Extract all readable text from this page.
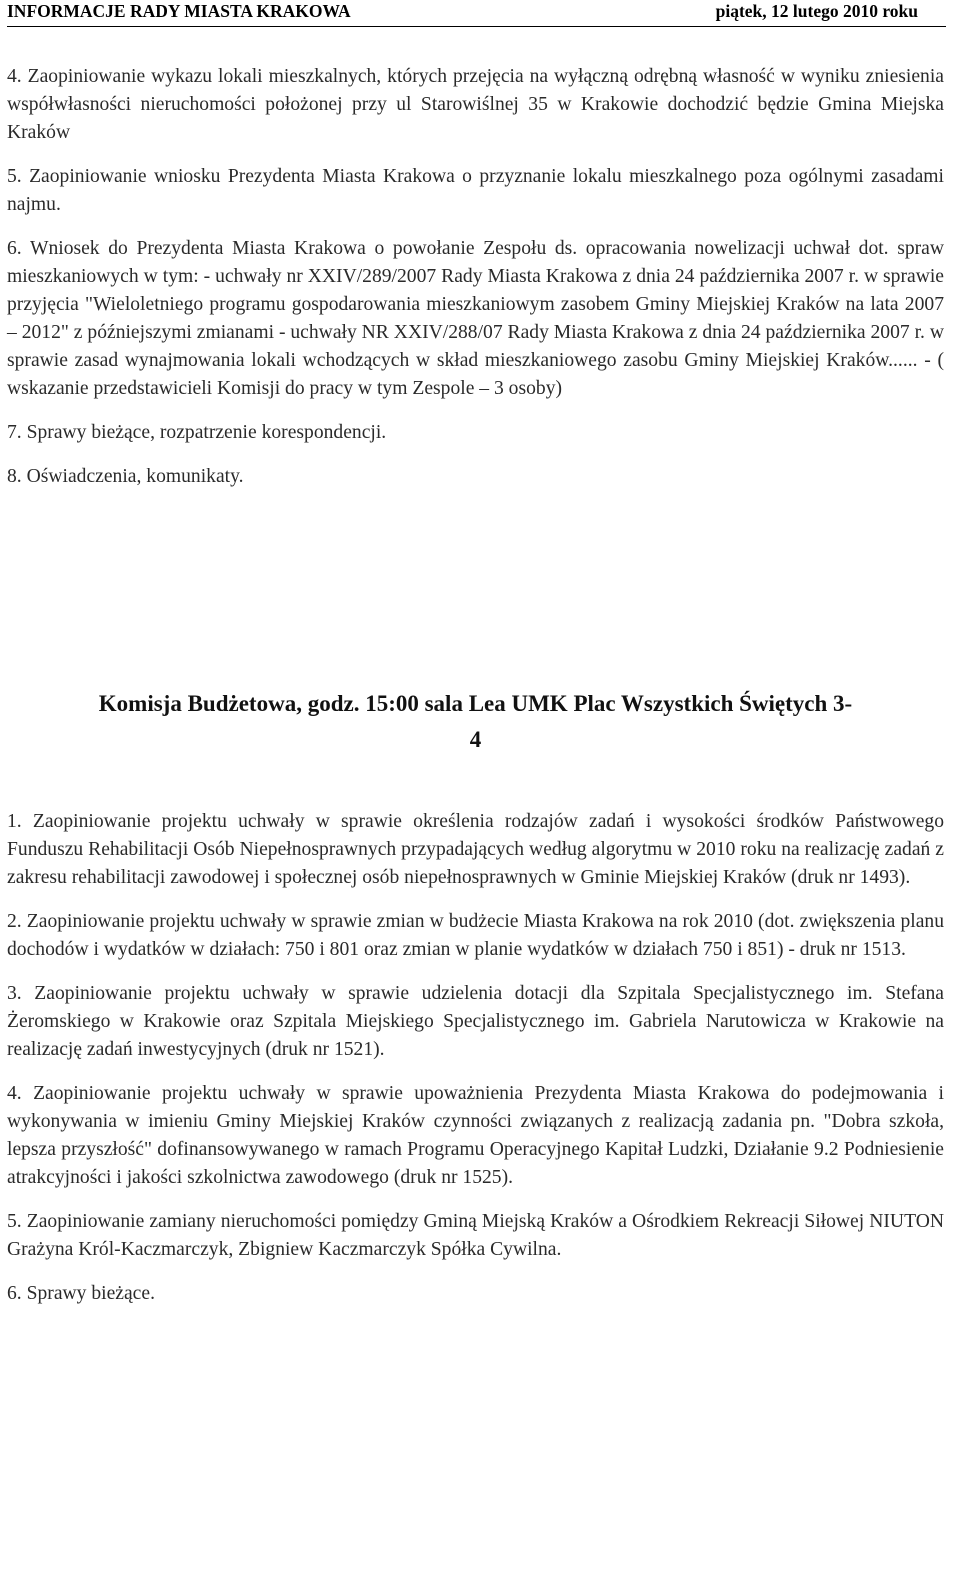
INFORMACJE RADY MIASTA KRAKOWA	piątek, 12 lutego 2010 roku

4. Zaopiniowanie wykazu lokali mieszkalnych, których przejęcia na wyłączną odrębną własność w wyniku zniesienia współwłasności nieruchomości położonej przy ul Starowiślnej 35 w Krakowie dochodzić będzie Gmina Miejska Kraków

5. Zaopiniowanie wniosku Prezydenta Miasta Krakowa o przyznanie lokalu mieszkalnego poza ogólnymi zasadami najmu.

6. Wniosek do Prezydenta Miasta Krakowa o powołanie Zespołu ds. opracowania nowelizacji uchwał dot. spraw mieszkaniowych w tym: - uchwały nr XXIV/289/2007 Rady Miasta Krakowa z dnia 24 października 2007 r. w sprawie przyjęcia "Wieloletniego programu gospodarowania mieszkaniowym zasobem Gminy Miejskiej Kraków na lata 2007 – 2012" z późniejszymi zmianami - uchwały NR XXIV/288/07 Rady Miasta Krakowa z dnia 24 października 2007 r. w sprawie zasad wynajmowania lokali wchodzących w skład mieszkaniowego zasobu Gminy Miejskiej Kraków...... - ( wskazanie przedstawicieli Komisji do pracy w tym Zespole – 3 osoby)

7. Sprawy bieżące, rozpatrzenie korespondencji.

8. Oświadczenia, komunikaty.

Komisja Budżetowa, godz. 15:00 sala Lea UMK Plac Wszystkich Świętych 3-

4

1. Zaopiniowanie projektu uchwały w sprawie określenia rodzajów zadań i wysokości środków Państwowego Funduszu Rehabilitacji Osób Niepełnosprawnych przypadających według algorytmu w 2010 roku na realizację zadań z zakresu rehabilitacji zawodowej i społecznej osób niepełnosprawnych w Gminie Miejskiej Kraków (druk nr 1493).

2. Zaopiniowanie projektu uchwały w sprawie zmian w budżecie Miasta Krakowa na rok 2010 (dot. zwiększenia planu dochodów i wydatków w działach: 750 i 801 oraz zmian w planie wydatków w działach 750 i 851) - druk nr 1513.

3. Zaopiniowanie projektu uchwały w sprawie udzielenia dotacji dla Szpitala Specjalistycznego im. Stefana Żeromskiego w Krakowie oraz Szpitala Miejskiego Specjalistycznego im. Gabriela Narutowicza w Krakowie na realizację zadań inwestycyjnych (druk nr 1521).

4. Zaopiniowanie projektu uchwały w sprawie upoważnienia Prezydenta Miasta Krakowa do podejmowania i wykonywania w imieniu Gminy Miejskiej Kraków czynności związanych z realizacją zadania pn. "Dobra szkoła, lepsza przyszłość" dofinansowywanego w ramach Programu Operacyjnego Kapitał Ludzki, Działanie 9.2 Podniesienie atrakcyjności i jakości szkolnictwa zawodowego (druk nr 1525).

5. Zaopiniowanie zamiany nieruchomości pomiędzy Gminą Miejską Kraków a Ośrodkiem Rekreacji Siłowej NIUTON Grażyna Król-Kaczmarczyk, Zbigniew Kaczmarczyk Spółka Cywilna.

6. Sprawy bieżące.
